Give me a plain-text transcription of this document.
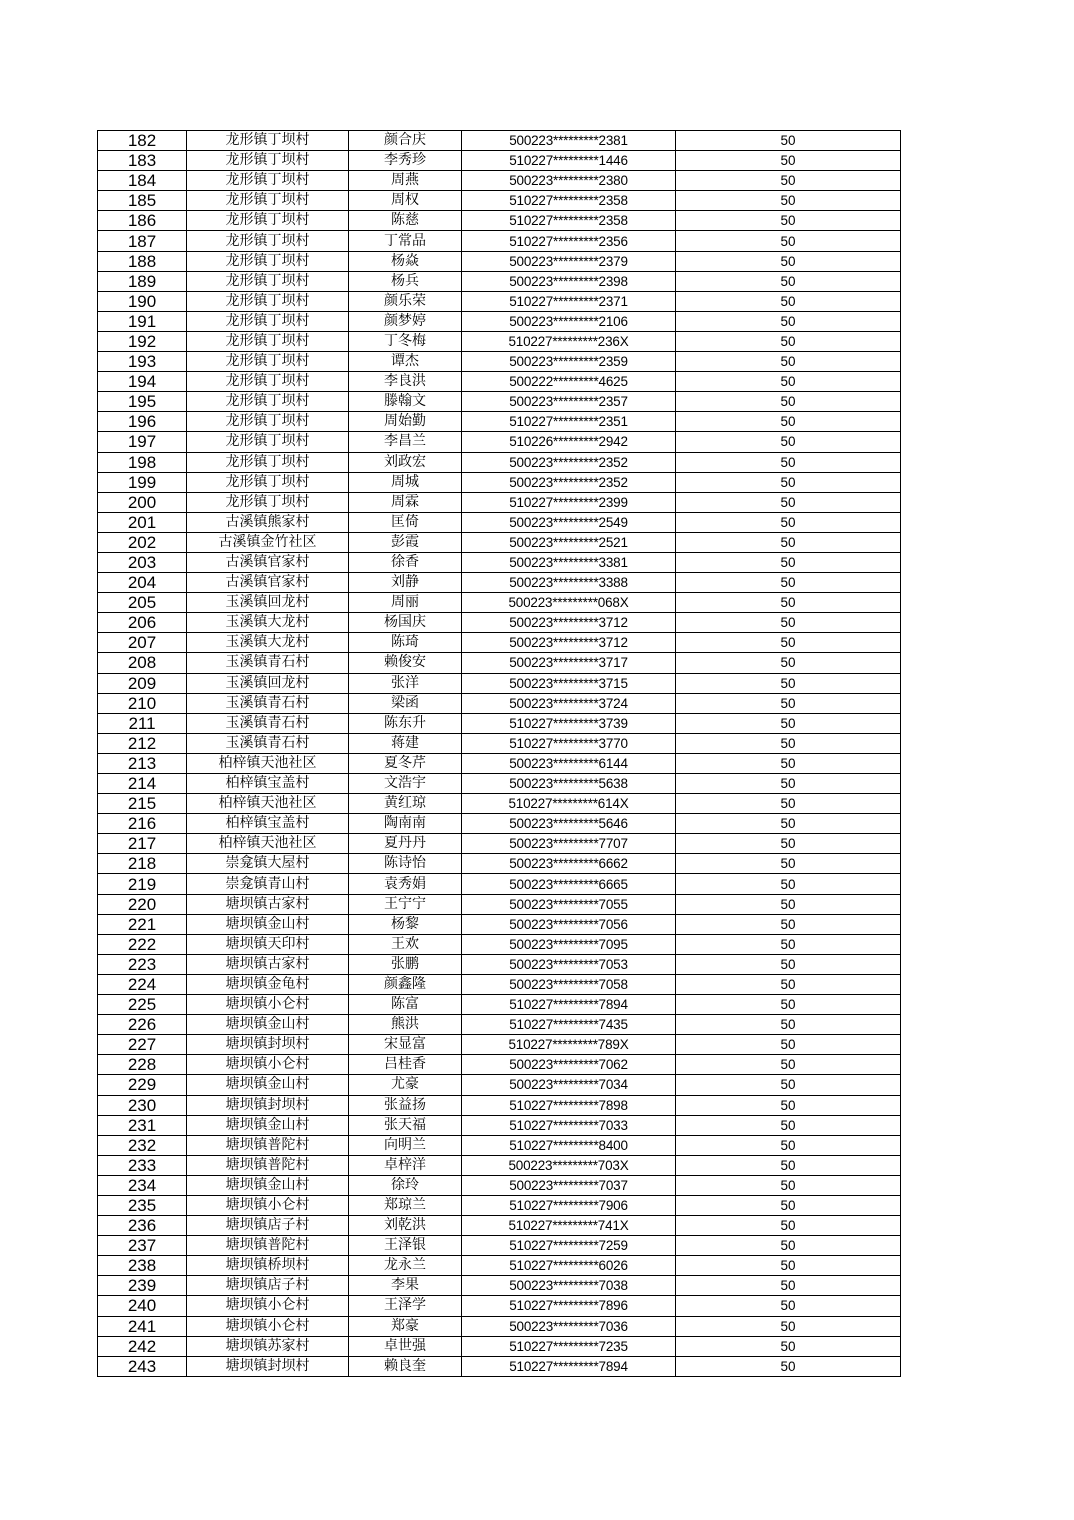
182	龙形镇丁坝村	颜合庆	500223*********2381	50
183	龙形镇丁坝村	李秀珍	510227*********1446	50
184	龙形镇丁坝村	周燕	500223*********2380	50
185	龙形镇丁坝村	周权	510227*********2358	50
186	龙形镇丁坝村	陈慈	510227*********2358	50
187	龙形镇丁坝村	丁常品	510227*********2356	50
188	龙形镇丁坝村	杨焱	500223*********2379	50
189	龙形镇丁坝村	杨兵	500223*********2398	50
190	龙形镇丁坝村	颜乐荣	510227*********2371	50
191	龙形镇丁坝村	颜梦婷	500223*********2106	50
192	龙形镇丁坝村	丁冬梅	510227*********236X	50
193	龙形镇丁坝村	谭杰	500223*********2359	50
194	龙形镇丁坝村	李良洪	500222*********4625	50
195	龙形镇丁坝村	滕翰文	500223*********2357	50
196	龙形镇丁坝村	周始勤	510227*********2351	50
197	龙形镇丁坝村	李昌兰	510226*********2942	50
198	龙形镇丁坝村	刘政宏	500223*********2352	50
199	龙形镇丁坝村	周城	500223*********2352	50
200	龙形镇丁坝村	周霖	510227*********2399	50
201	古溪镇熊家村	匡倚	500223*********2549	50
202	古溪镇金竹社区	彭霞	500223*********2521	50
203	古溪镇官家村	徐香	500223*********3381	50
204	古溪镇官家村	刘静	500223*********3388	50
205	玉溪镇回龙村	周丽	500223*********068X	50
206	玉溪镇大龙村	杨国庆	500223*********3712	50
207	玉溪镇大龙村	陈琦	500223*********3712	50
208	玉溪镇青石村	赖俊安	500223*********3717	50
209	玉溪镇回龙村	张洋	500223*********3715	50
210	玉溪镇青石村	梁函	500223*********3724	50
211	玉溪镇青石村	陈东升	510227*********3739	50
212	玉溪镇青石村	蒋建	510227*********3770	50
213	柏梓镇天池社区	夏冬芹	500223*********6144	50
214	柏梓镇宝盖村	文浩宇	500223*********5638	50
215	柏梓镇天池社区	黄红琼	510227*********614X	50
216	柏梓镇宝盖村	陶南南	500223*********5646	50
217	柏梓镇天池社区	夏丹丹	500223*********7707	50
218	崇龛镇大屋村	陈诗怡	500223*********6662	50
219	崇龛镇青山村	袁秀娟	500223*********6665	50
220	塘坝镇古家村	王宁宁	500223*********7055	50
221	塘坝镇金山村	杨黎	500223*********7056	50
222	塘坝镇天印村	王欢	500223*********7095	50
223	塘坝镇古家村	张鹏	500223*********7053	50
224	塘坝镇金龟村	颜鑫隆	500223*********7058	50
225	塘坝镇小仑村	陈富	510227*********7894	50
226	塘坝镇金山村	熊洪	510227*********7435	50
227	塘坝镇封坝村	宋显富	510227*********789X	50
228	塘坝镇小仑村	吕桂香	500223*********7062	50
229	塘坝镇金山村	尤豪	500223*********7034	50
230	塘坝镇封坝村	张益扬	510227*********7898	50
231	塘坝镇金山村	张天福	510227*********7033	50
232	塘坝镇普陀村	向明兰	510227*********8400	50
233	塘坝镇普陀村	卓梓洋	500223*********703X	50
234	塘坝镇金山村	徐玲	500223*********7037	50
235	塘坝镇小仑村	郑琼兰	510227*********7906	50
236	塘坝镇店子村	刘乾洪	510227*********741X	50
237	塘坝镇普陀村	王泽银	510227*********7259	50
238	塘坝镇桥坝村	龙永兰	510227*********6026	50
239	塘坝镇店子村	李果	500223*********7038	50
240	塘坝镇小仑村	王泽学	510227*********7896	50
241	塘坝镇小仑村	郑豪	500223*********7036	50
242	塘坝镇苏家村	卓世强	510227*********7235	50
243	塘坝镇封坝村	赖良奎	510227*********7894	50
